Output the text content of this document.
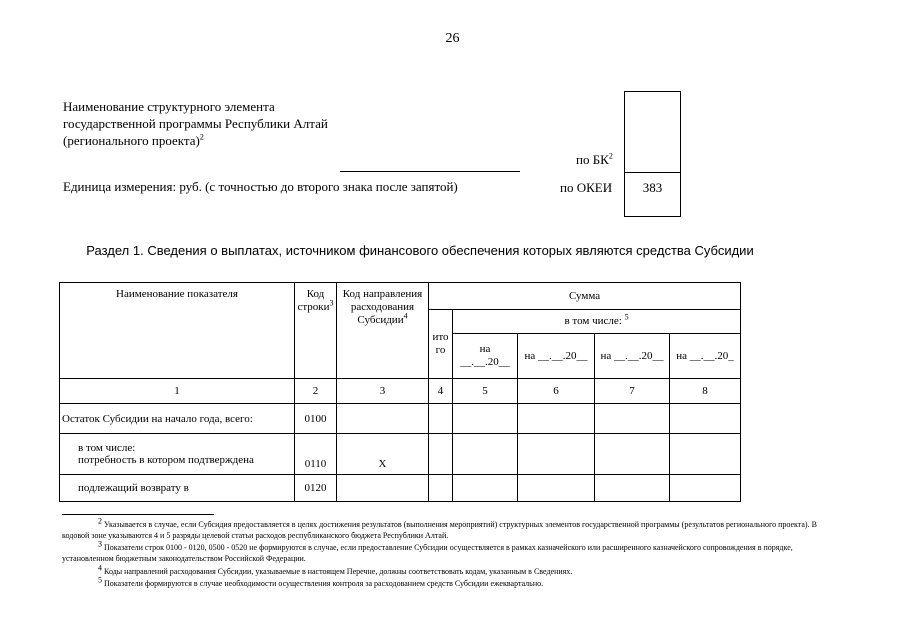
26
Наименование структурного элемента государственной программы Республики Алтай (регионального проекта)$^2$
по $БК^2$
Единица измерения: руб. (с точностью до второго знака после запятой)	по ОКЕИ	383
Раздел 1. Сведения о выплатах, источником финансового обеспечения которых являются средства Субсидии
Наименование показателя	Код строки$^3$	Код направления расходования Субсидии$^4$	Сумма				
			итого	в том числе: $^5$
				на __.__.20__	на __.__.20__	на __.__.20__	на __.__.20_
1	2	3	4	5	6	7	8
Остаток Субсидии на начало года, всего:	0100						

в том числе:
потребность в котором подтверждена	0110	Х					
подлежащий возврату в	0120						
$^2$ Указывается в случае, если Субсидия предоставляется в целях достижения результатов (выполнения мероприятий) структурных элементов государственной программы (результатов регионального проекта). В кодовой зоне указываются 4 и 5 разряды целевой статьи расходов республиканского бюджета Республики Алтай.
$^3$ Показатели строк 0100 - 0120, 0500 - 0520 не формируются в случае, если предоставление Субсидии осуществляется в рамках казначейского или расширенного казначейского сопровождения в порядке, установленном бюджетным законодательством Российской Федерации.
$^4$ Коды направлений расходования Субсидии, указываемые в настоящем Перечне, должны соответствовать кодам, указанным в Сведениях.
$^5$ Показатели формируются в случае необходимости осуществления контроля за расходованием средств Субсидии ежеквартально.
